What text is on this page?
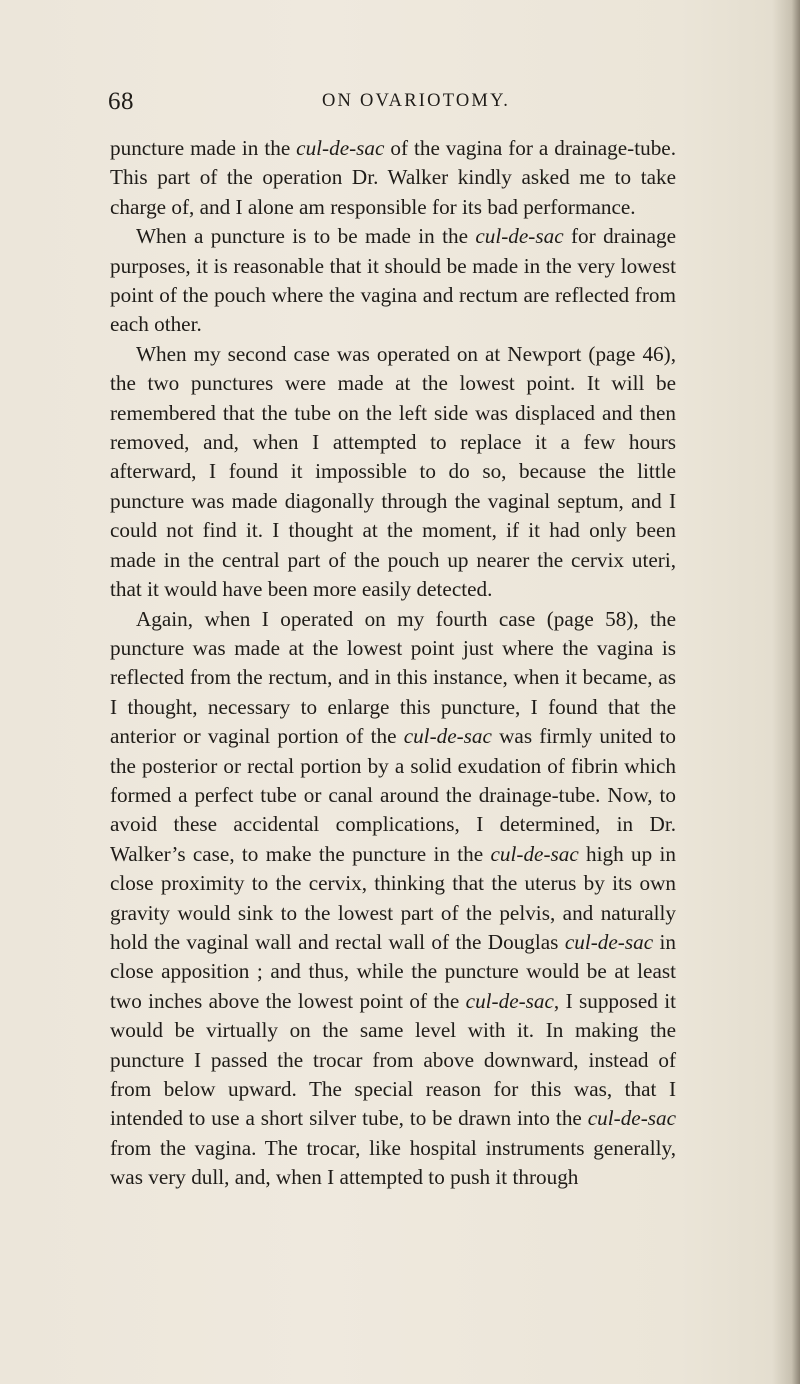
68	ON OVARIOTOMY.

puncture made in the cul-de-sac of the vagina for a drainage-tube. This part of the operation Dr. Walker kindly asked me to take charge of, and I alone am responsible for its bad performance.

When a puncture is to be made in the cul-de-sac for drainage purposes, it is reasonable that it should be made in the very lowest point of the pouch where the vagina and rectum are reflected from each other.

When my second case was operated on at Newport (page 46), the two punctures were made at the lowest point. It will be remembered that the tube on the left side was displaced and then removed, and, when I attempted to replace it a few hours afterward, I found it impossible to do so, because the little puncture was made diagonally through the vaginal septum, and I could not find it. I thought at the moment, if it had only been made in the central part of the pouch up nearer the cervix uteri, that it would have been more easily detected.

Again, when I operated on my fourth case (page 58), the puncture was made at the lowest point just where the vagina is reflected from the rectum, and in this instance, when it became, as I thought, necessary to enlarge this puncture, I found that the anterior or vaginal portion of the cul-de-sac was firmly united to the posterior or rectal portion by a solid exudation of fibrin which formed a perfect tube or canal around the drainage-tube. Now, to avoid these accidental complications, I determined, in Dr. Walker’s case, to make the puncture in the cul-de-sac high up in close proximity to the cervix, thinking that the uterus by its own gravity would sink to the lowest part of the pelvis, and naturally hold the vaginal wall and rectal wall of the Douglas cul-de-sac in close apposition ; and thus, while the puncture would be at least two inches above the lowest point of the cul-de-sac, I supposed it would be virtually on the same level with it. In making the puncture I passed the trocar from above downward, instead of from below upward. The special reason for this was, that I intended to use a short silver tube, to be drawn into the cul-de-sac from the vagina. The trocar, like hospital instruments generally, was very dull, and, when I attempted to push it through
